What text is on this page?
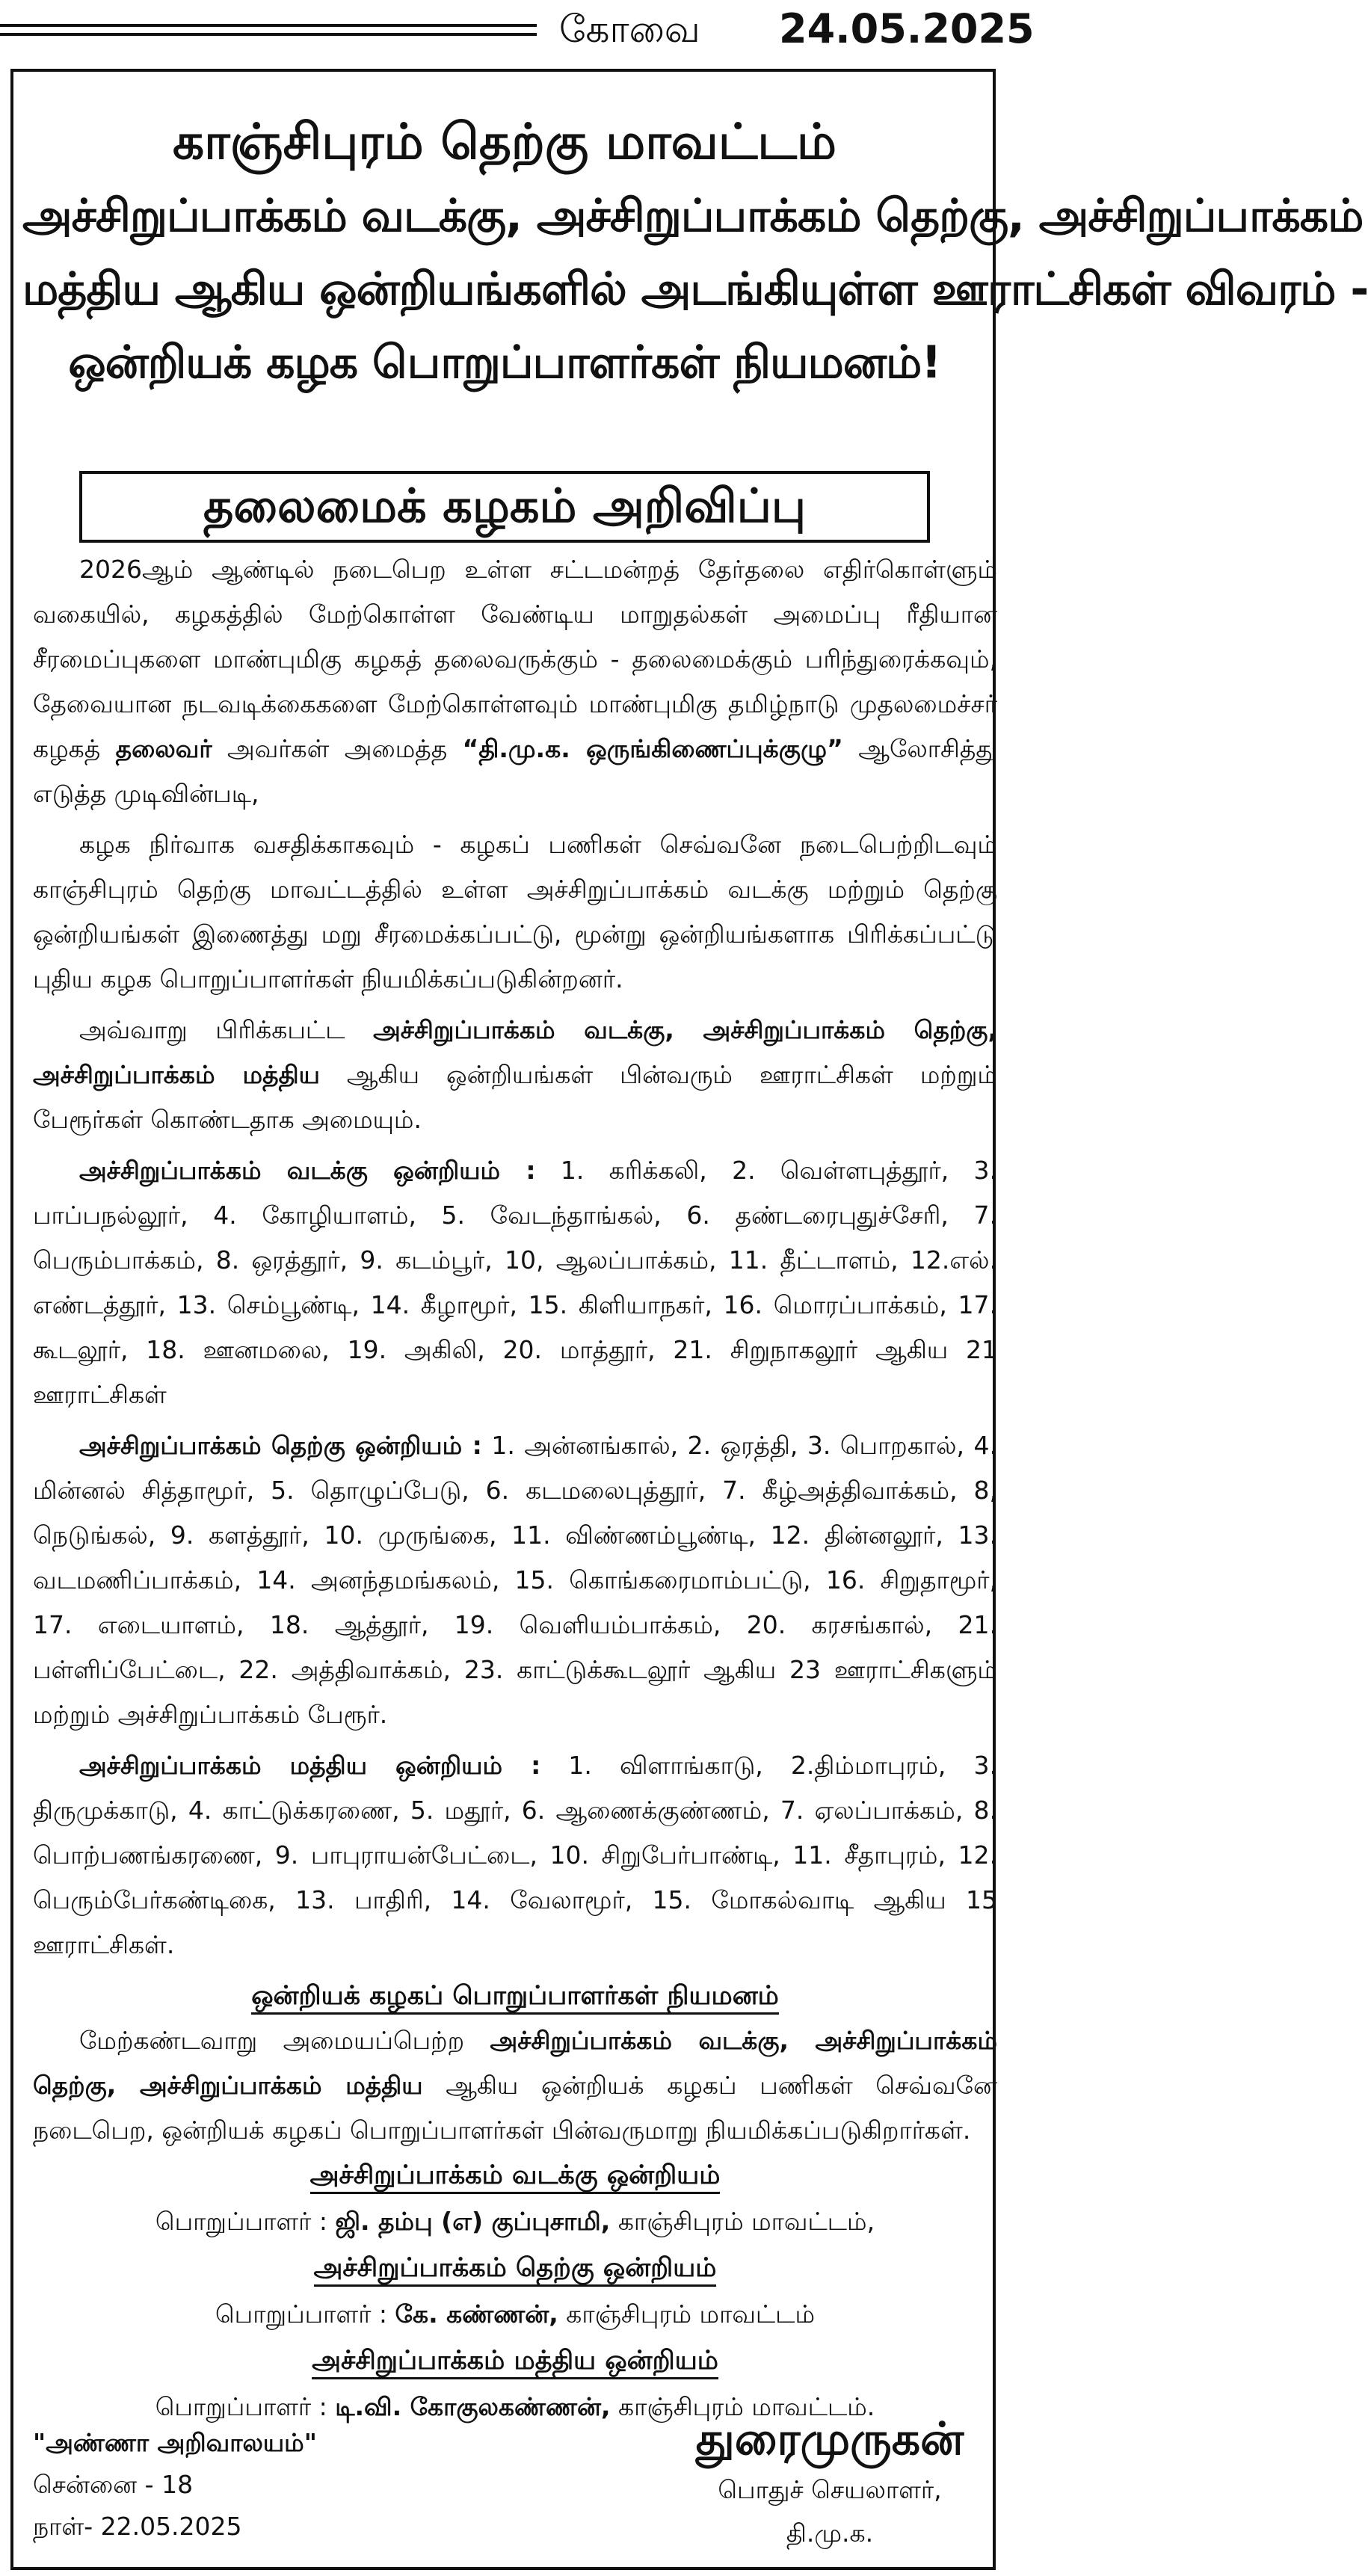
கோவை 24.05.2025
காஞ்சிபுரம் தெற்கு மாவட்டம்
அச்சிறுப்பாக்கம் வடக்கு, அச்சிறுப்பாக்கம் தெற்கு, அச்சிறுப்பாக்கம்
மத்திய ஆகிய ஒன்றியங்களில் அடங்கியுள்ள ஊராட்சிகள் விவரம் -
ஒன்றியக் கழக பொறுப்பாளர்கள் நியமனம்!
தலைமைக் கழகம் அறிவிப்பு

2026ஆம் ஆண்டில் நடைபெற உள்ள சட்டமன்றத் தேர்தலை எதிர்கொள்ளும் வகையில், கழகத்தில் மேற்கொள்ள வேண்டிய மாறுதல்கள் அமைப்பு ரீதியான சீரமைப்புகளை மாண்புமிகு கழகத் தலைவருக்கும் - தலைமைக்கும் பரிந்துரைக்கவும், தேவையான நடவடிக்கைகளை மேற்கொள்ளவும் மாண்புமிகு தமிழ்நாடு முதலமைச்சர் கழகத் தலைவர் அவர்கள் அமைத்த “தி.மு.க. ஒருங்கிணைப்புக்குழு” ஆலோசித்து எடுத்த முடிவின்படி,

கழக நிர்வாக வசதிக்காகவும் - கழகப் பணிகள் செவ்வனே நடைபெற்றிடவும் காஞ்சிபுரம் தெற்கு மாவட்டத்தில் உள்ள அச்சிறுப்பாக்கம் வடக்கு மற்றும் தெற்கு ஒன்றியங்கள் இணைத்து மறு சீரமைக்கப்பட்டு, மூன்று ஒன்றியங்களாக பிரிக்கப்பட்டு புதிய கழக பொறுப்பாளர்கள் நியமிக்கப்படுகின்றனர்.

அவ்வாறு பிரிக்கபட்ட அச்சிறுப்பாக்கம் வடக்கு, அச்சிறுப்பாக்கம் தெற்கு, அச்சிறுப்பாக்கம் மத்திய ஆகிய ஒன்றியங்கள் பின்வரும் ஊராட்சிகள் மற்றும் பேரூர்கள் கொண்டதாக அமையும்.

அச்சிறுப்பாக்கம் வடக்கு ஒன்றியம் : 1. கரிக்கலி, 2. வெள்ளபுத்தூர், 3. பாப்பநல்லூர், 4. கோழியாளம், 5. வேடந்தாங்கல், 6. தண்டரைபுதுச்சேரி, 7. பெரும்பாக்கம், 8. ஒரத்தூர், 9. கடம்பூர், 10, ஆலப்பாக்கம், 11. தீட்டாளம், 12.எல். எண்டத்தூர், 13. செம்பூண்டி, 14. கீழாமூர், 15. கிளியாநகர், 16. மொரப்பாக்கம், 17. கூடலூர், 18. ஊனமலை, 19. அகிலி, 20. மாத்தூர், 21. சிறுநாகலூர் ஆகிய 21 ஊராட்சிகள்

அச்சிறுப்பாக்கம் தெற்கு ஒன்றியம் : 1. அன்னங்கால், 2. ஒரத்தி, 3. பொறகால், 4. மின்னல் சித்தாமூர், 5. தொழுப்பேடு, 6. கடமலைபுத்தூர், 7. கீழ்அத்திவாக்கம், 8, நெடுங்கல், 9. களத்தூர், 10. முருங்கை, 11. விண்ணம்பூண்டி, 12. தின்னலூர், 13. வடமணிப்பாக்கம், 14. அனந்தமங்கலம், 15. கொங்கரைமாம்பட்டு, 16. சிறுதாமூர், 17. எடையாளம், 18. ஆத்தூர், 19. வெளியம்பாக்கம், 20. கரசங்கால், 21. பள்ளிப்பேட்டை, 22. அத்திவாக்கம், 23. காட்டுக்கூடலூர் ஆகிய 23 ஊராட்சிகளும் மற்றும் அச்சிறுப்பாக்கம் பேரூர்.

அச்சிறுப்பாக்கம் மத்திய ஒன்றியம் : 1. விளாங்காடு, 2.திம்மாபுரம், 3. திருமுக்காடு, 4. காட்டுக்கரணை, 5. மதூர், 6. ஆணைக்குண்ணம், 7. ஏலப்பாக்கம், 8. பொற்பணங்கரணை, 9. பாபுராயன்பேட்டை, 10. சிறுபேர்பாண்டி, 11. சீதாபுரம், 12. பெரும்பேர்கண்டிகை, 13. பாதிரி, 14. வேலாமூர், 15. மோகல்வாடி ஆகிய 15 ஊராட்சிகள்.

ஒன்றியக் கழகப் பொறுப்பாளர்கள் நியமனம்

மேற்கண்டவாறு அமையப்பெற்ற அச்சிறுப்பாக்கம் வடக்கு, அச்சிறுப்பாக்கம் தெற்கு, அச்சிறுப்பாக்கம் மத்திய ஆகிய ஒன்றியக் கழகப் பணிகள் செவ்வனே நடைபெற, ஒன்றியக் கழகப் பொறுப்பாளர்கள் பின்வருமாறு நியமிக்கப்படுகிறார்கள்.

அச்சிறுப்பாக்கம் வடக்கு ஒன்றியம்
பொறுப்பாளர் : ஜி. தம்பு (எ) குப்புசாமி, காஞ்சிபுரம் மாவட்டம்,
அச்சிறுப்பாக்கம் தெற்கு ஒன்றியம்
பொறுப்பாளர் : கே. கண்ணன், காஞ்சிபுரம் மாவட்டம்
அச்சிறுப்பாக்கம் மத்திய ஒன்றியம்
பொறுப்பாளர் : டி.வி. கோகுலகண்ணன், காஞ்சிபுரம் மாவட்டம்.
"அண்ணா அறிவாலயம்"
சென்னை - 18
நாள்- 22.05.2025
துரைமுருகன்
பொதுச் செயலாளர்,
தி.மு.க.
